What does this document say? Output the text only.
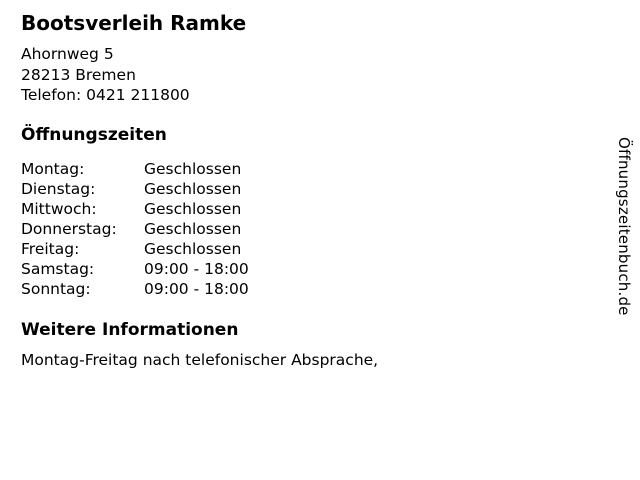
Bootsverleih Ramke
Ahornweg 5
28213 Bremen
Telefon: 0421 211800
Öffnungszeiten
Montag:	Geschlossen
Dienstag:	Geschlossen
Mittwoch:	Geschlossen
Donnerstag:	Geschlossen
Freitag:	Geschlossen
Samstag:	09:00 - 18:00
Sonntag:	09:00 - 18:00
Weitere Informationen
Montag-Freitag nach telefonischer Absprache,
Öffnungszeitenbuch.de
